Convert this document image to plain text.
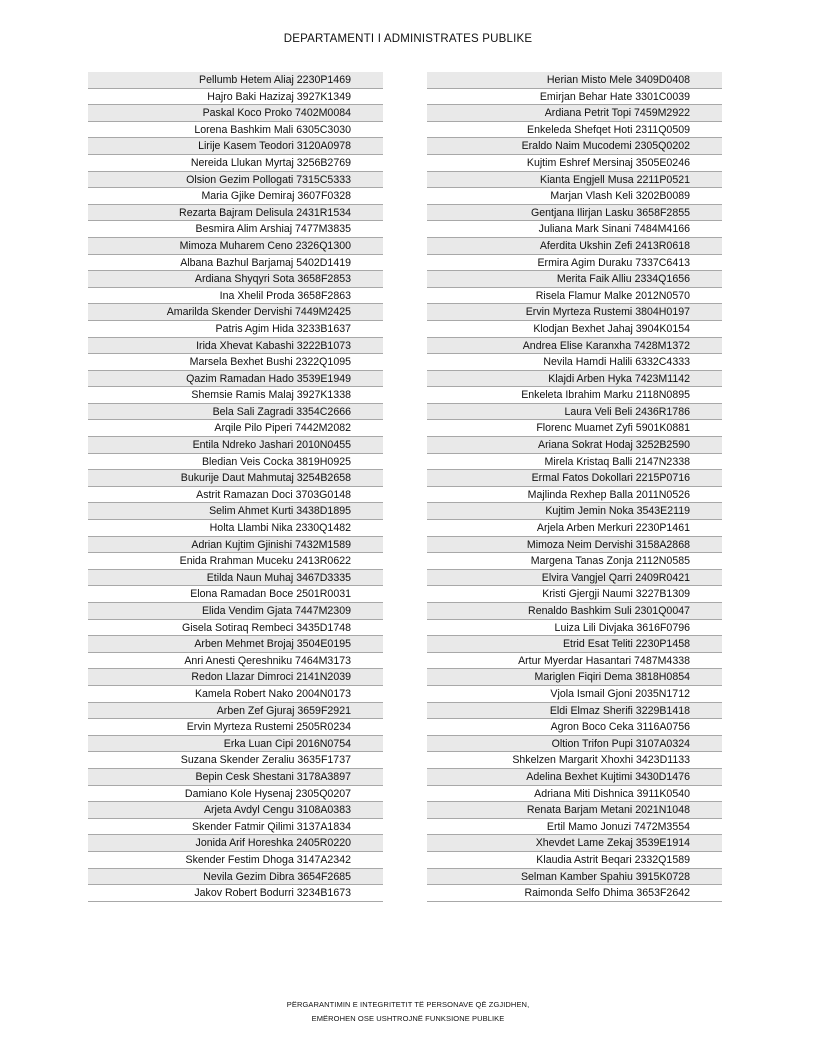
DEPARTAMENTI I ADMINISTRATES PUBLIKE
Pellumb Hetem Aliaj 2230P1469
Hajro Baki Hazizaj 3927K1349
Paskal Koco Proko 7402M0084
Lorena Bashkim Mali 6305C3030
Lirije Kasem Teodori 3120A0978
Nereida Llukan Myrtaj 3256B2769
Olsion Gezim Pollogati 7315C5333
Maria Gjike Demiraj 3607F0328
Rezarta Bajram Delisula 2431R1534
Besmira Alim Arshiaj 7477M3835
Mimoza Muharem Ceno 2326Q1300
Albana Bazhul Barjamaj 5402D1419
Ardiana Shyqyri Sota 3658F2853
Ina Xhelil Proda 3658F2863
Amarilda Skender Dervishi 7449M2425
Patris Agim Hida 3233B1637
Irida Xhevat Kabashi 3222B1073
Marsela Bexhet Bushi 2322Q1095
Qazim Ramadan Hado 3539E1949
Shemsie Ramis Malaj 3927K1338
Bela Sali Zagradi 3354C2666
Arqile Pilo Piperi 7442M2082
Entila Ndreko Jashari 2010N0455
Bledian Veis Cocka 3819H0925
Bukurije Daut Mahmutaj 3254B2658
Astrit Ramazan Doci 3703G0148
Selim Ahmet Kurti 3438D1895
Holta Llambi Nika 2330Q1482
Adrian Kujtim Gjinishi 7432M1589
Enida Rrahman Muceku 2413R0622
Etilda Naun Muhaj 3467D3335
Elona Ramadan Boce 2501R0031
Elida Vendim Gjata 7447M2309
Gisela Sotiraq Rembeci 3435D1748
Arben Mehmet Brojaj 3504E0195
Anri Anesti Qereshniku 7464M3173
Redon Llazar Dimroci 2141N2039
Kamela Robert Nako 2004N0173
Arben Zef Gjuraj 3659F2921
Ervin Myrteza Rustemi 2505R0234
Erka Luan Cipi 2016N0754
Suzana Skender Zeraliu 3635F1737
Bepin Cesk Shestani 3178A3897
Damiano Kole Hysenaj 2305Q0207
Arjeta Avdyl Cengu 3108A0383
Skender Fatmir Qilimi 3137A1834
Jonida Arif Horeshka 2405R0220
Skender Festim Dhoga 3147A2342
Nevila Gezim Dibra 3654F2685
Jakov Robert Bodurri 3234B1673
Herian Misto Mele 3409D0408
Emirjan Behar Hate 3301C0039
Ardiana Petrit Topi 7459M2922
Enkeleda Shefqet Hoti 2311Q0509
Eraldo Naim Mucodemi 2305Q0202
Kujtim Eshref Mersinaj 3505E0246
Kianta Engjell Musa 2211P0521
Marjan Vlash Keli 3202B0089
Gentjana Ilirjan Lasku 3658F2855
Juliana Mark Sinani 7484M4166
Aferdita Ukshin Zefi 2413R0618
Ermira Agim Duraku 7337C6413
Merita Faik Alliu 2334Q1656
Risela Flamur Malke 2012N0570
Ervin Myrteza Rustemi 3804H0197
Klodjan Bexhet Jahaj 3904K0154
Andrea Elise Karanxha 7428M1372
Nevila Hamdi Halili 6332C4333
Klajdi Arben Hyka 7423M1142
Enkeleta Ibrahim Marku 2118N0895
Laura Veli Beli 2436R1786
Florenc Muamet Zyfi 5901K0881
Ariana Sokrat Hodaj 3252B2590
Mirela Kristaq Balli 2147N2338
Ermal Fatos Dokollari 2215P0716
Majlinda Rexhep Balla 2011N0526
Kujtim Jemin Noka 3543E2119
Arjela Arben Merkuri 2230P1461
Mimoza Neim Dervishi 3158A2868
Margena Tanas Zonja 2112N0585
Elvira Vangjel Qarri 2409R0421
Kristi Gjergji Naumi 3227B1309
Renaldo Bashkim Suli 2301Q0047
Luiza Lili Divjaka 3616F0796
Etrid Esat Teliti 2230P1458
Artur Myerdar Hasantari 7487M4338
Mariglen Fiqiri Dema 3818H0854
Vjola Ismail Gjoni 2035N1712
Eldi Elmaz Sherifi 3229B1418
Agron Boco Ceka 3116A0756
Oltion Trifon Pupi 3107A0324
Shkelzen Margarit Xhoxhi 3423D1133
Adelina Bexhet Kujtimi 3430D1476
Adriana Miti Dishnica 3911K0540
Renata Barjam Metani 2021N1048
Ertil Mamo Jonuzi 7472M3554
Xhevdet Lame Zekaj 3539E1914
Klaudia Astrit Beqari 2332Q1589
Selman Kamber Spahiu 3915K0728
Raimonda Selfo Dhima 3653F2642
PËRGARANTIMIN E INTEGRITETIT TË PERSONAVE QË ZGJIDHEN,
EMËROHEN OSE USHTROJNË FUNKSIONE PUBLIKE
